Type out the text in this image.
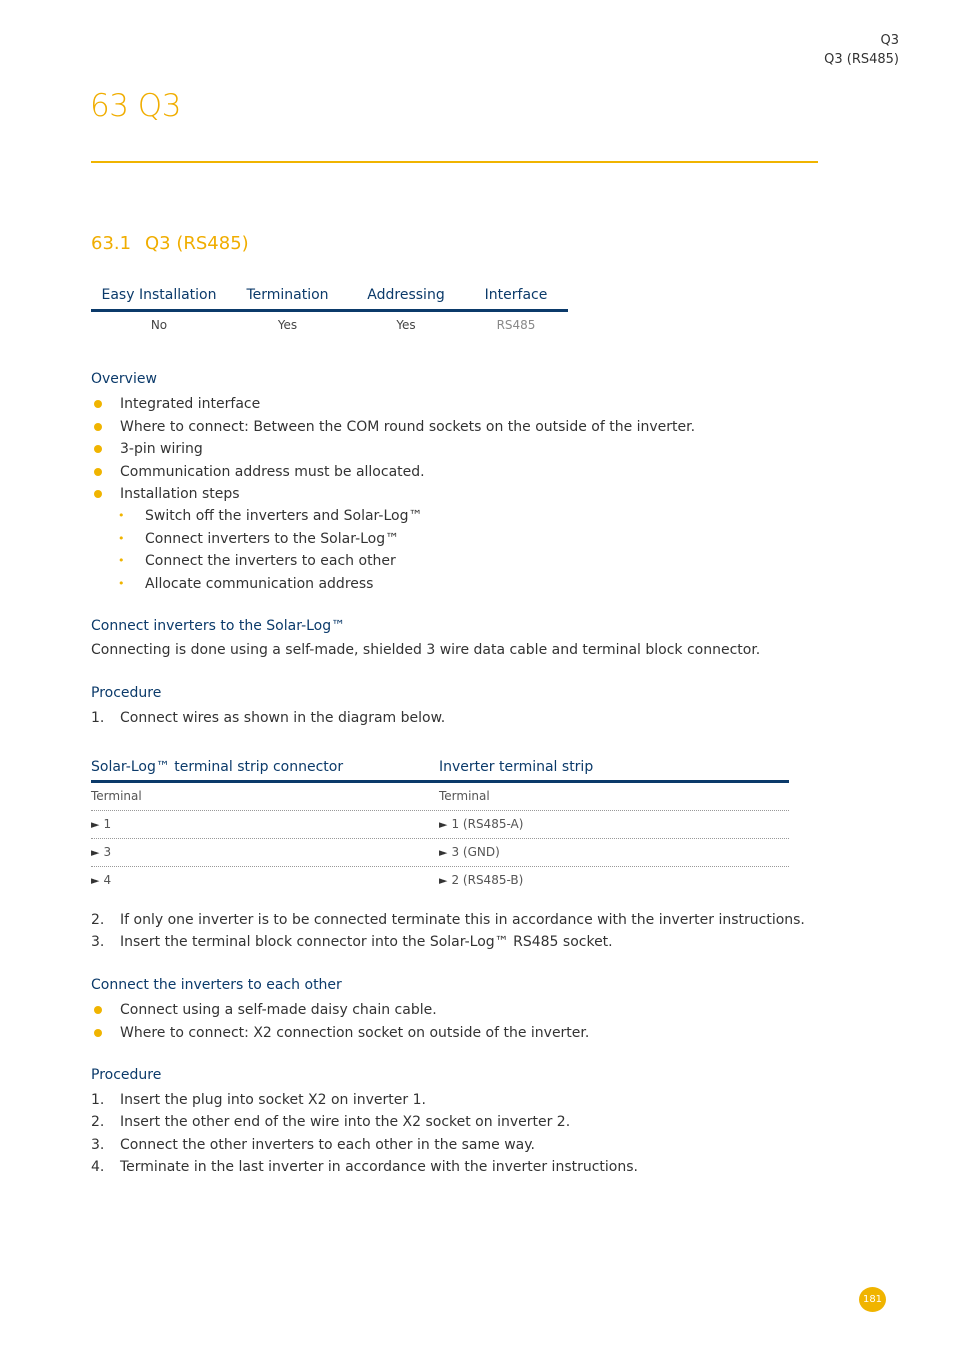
Q3
Q3 (RS485)
63 Q3
63.1 Q3 (RS485)
Easy Installation	Termination	Addressing	Interface
No	Yes	Yes	RS485
Overview
Integrated interface
Where to connect: Between the COM round sockets on the outside of the inverter.
3-pin wiring
Communication address must be allocated.
Installation steps
• Switch off the inverters and Solar-Log™
• Connect inverters to the Solar-Log™
• Connect the inverters to each other
• Allocate communication address
Connect inverters to the Solar-Log™
Connecting is done using a self-made, shielded 3 wire data cable and terminal block connector.
Procedure
1. Connect wires as shown in the diagram below.
Solar-Log™ terminal strip connector	Inverter terminal strip
Terminal	Terminal
► 1	► 1 (RS485-A)
► 3	► 3 (GND)
► 4	► 2 (RS485-B)
2. If only one inverter is to be connected terminate this in accordance with the inverter instructions.
3. Insert the terminal block connector into the Solar-Log™ RS485 socket.
Connect the inverters to each other
Connect using a self-made daisy chain cable.
Where to connect: X2 connection socket on outside of the inverter.
Procedure
1. Insert the plug into socket X2 on inverter 1.
2. Insert the other end of the wire into the X2 socket on inverter 2.
3. Connect the other inverters to each other in the same way.
4. Terminate in the last inverter in accordance with the inverter instructions.
181
